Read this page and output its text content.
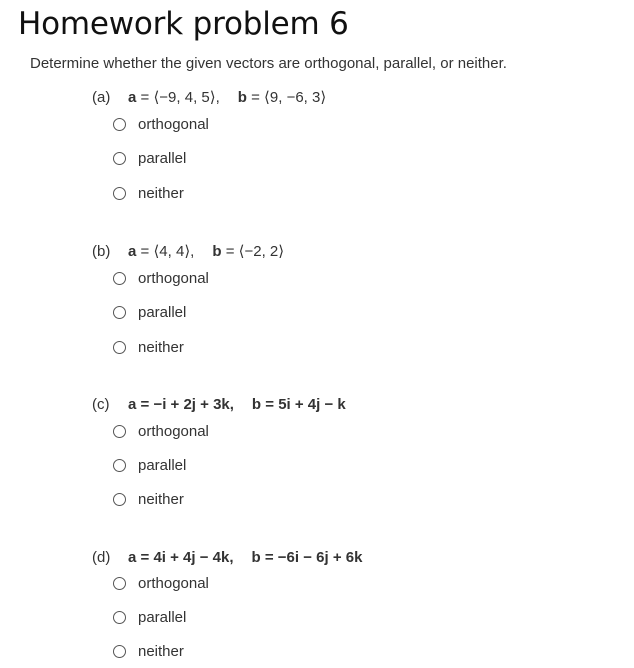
Homework problem 6

Determine whether the given vectors are orthogonal, parallel, or neither.

(a) a = ⟨−9, 4, 5⟩, b = ⟨9, −6, 3⟩
orthogonal
parallel
neither
(b) a = ⟨4, 4⟩, b = ⟨−2, 2⟩
orthogonal
parallel
neither
(c) a = −i + 2j + 3k, b = 5i + 4j − k
orthogonal
parallel
neither
(d) a = 4i + 4j − 4k, b = −6i − 6j + 6k
orthogonal
parallel
neither
